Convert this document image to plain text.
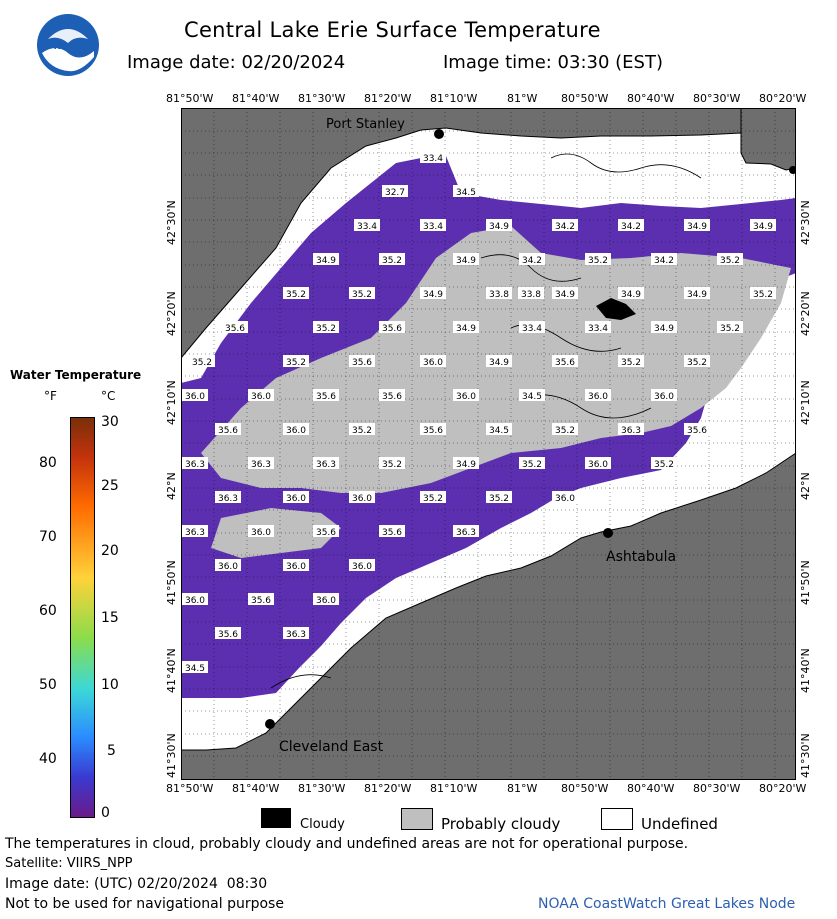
NOAA
Central Lake Erie Surface Temperature
Image date: 02/20/2024	Image time: 03:30 (EST)
81°50'W 81°40'W 81°30'W 81°20'W 81°10'W	81°W 80°50'W 80°40'W 80°30'W 80°20'W
81°50'W 81°40'W 81°30'W 81°20'W 81°10'W	81°W 80°50'W 80°40'W 80°30'W 80°20'W
42°30'N
42°20'N
42°10'N
42°N
41°50'N
41°40'N
41°30'N
42°30'N
42°20'N
42°10'N
42°N
41°50'N
41°40'N
41°30'N
Port Stanley
Ashtabula
Cleveland East
33.4
32.7	34.5
33.4	33.4	34.9	34.2	34.2	34.9	34.9
34.9	35.2	34.9	34.2	35.2	34.2	35.2
35.2	35.2	34.9	33.8 33.8 34.9	34.9	34.9	35.2
35.6	35.2	35.6	34.9	33.4	33.4	34.9	35.2
35.2	35.2	35.6	36.0	34.9	35.6	35.2	35.2
36.0	36.0	35.6	35.6	36.0	34.5	36.0	36.0
35.6	36.0	35.2	35.6	34.5	35.2	36.3	35.6
36.3	36.3	36.3	35.2	34.9	35.2	36.0	35.2
36.3	36.0	36.0	35.2	35.2	36.0
36.3	36.0	35.6	35.6	36.3
36.0	36.0	36.0
36.0	35.6	36.0
35.6	36.3
34.5
Water Temperature
°F	°C
80
70
60
50
40
30
25
20
15
10
5
0
Cloudy	Probably cloudy	Undefined
The temperatures in cloud, probably cloudy and undefined areas are not for operational purpose.
Satellite: VIIRS_NPP
Image date: (UTC) 02/20/2024  08:30
Not to be used for navigational purpose	NOAA CoastWatch Great Lakes Node
